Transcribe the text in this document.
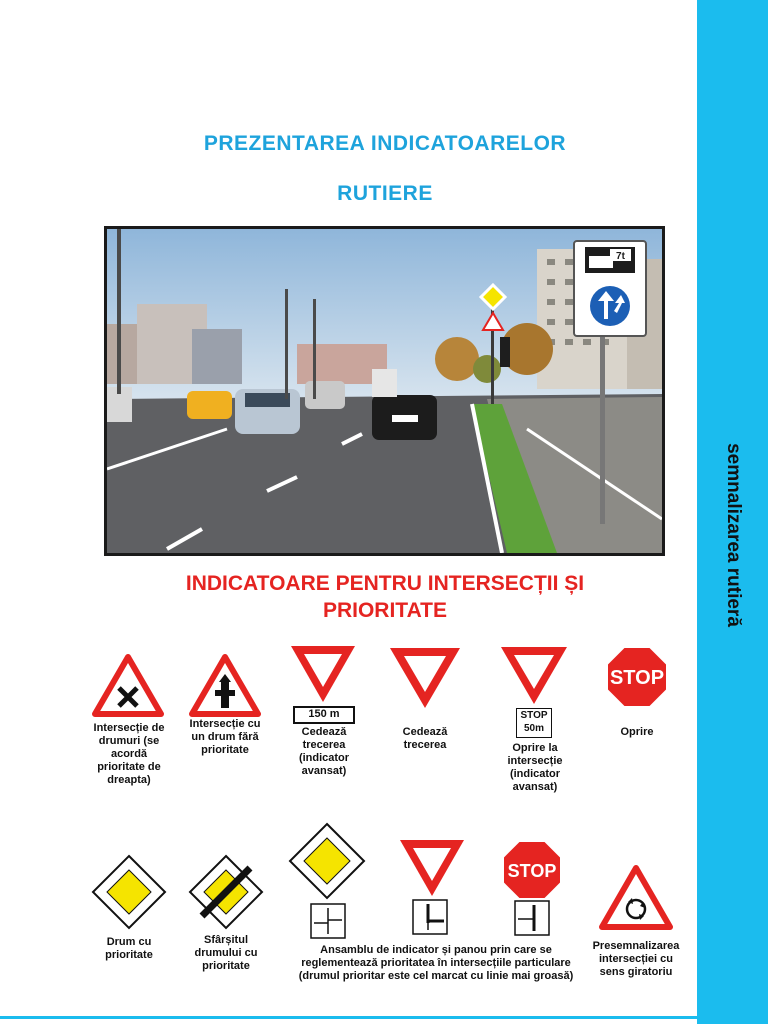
semnalizarea rutieră
PREZENTAREA INDICATOARELOR
RUTIERE
7t
INDICATOARE PENTRU INTERSECȚII ȘI
PRIORITATE
Intersecție de drumuri (se acordă prioritate de dreapta)
Intersecție cu un drum fără prioritate
150 m
Cedează trecerea (indicator avansat)
Cedează trecerea
STOP
50m
Oprire la intersecție (indicator avansat)
STOP
Oprire
Drum cu prioritate
Sfârșitul drumului cu prioritate
STOP
Ansamblu de indicator și panou prin care se reglementează prioritatea în intersecțiile particulare (drumul prioritar este cel marcat cu linie mai groasă)
Presemnalizarea intersecției cu sens giratoriu
